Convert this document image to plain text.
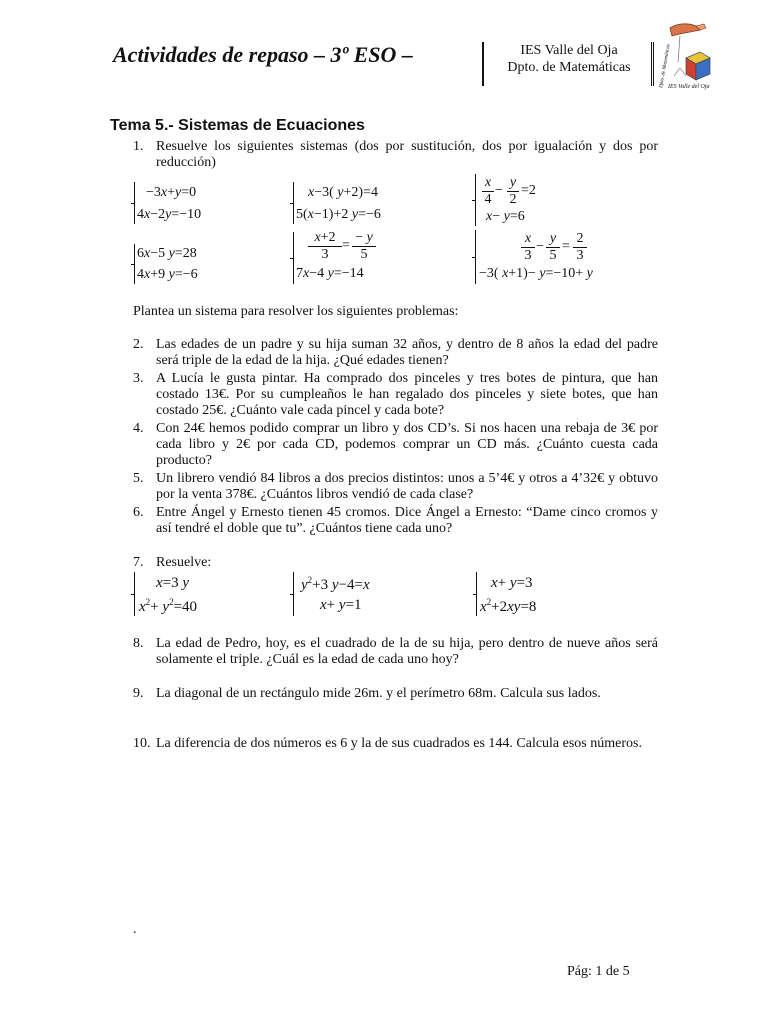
Actividades de repaso – 3º ESO –	IES Valle del Oja
Dpto. de Matemáticas	Dpto. de Matemáticas
IES Valle del Oja
Tema 5.- Sistemas de Ecuaciones
1. Resuelve los siguientes sistemas (dos por sustitución, dos por igualación y dos por reducción)
−3x+y=0
4x−2y=−10
x−3( y+2)=4
5(x−1)+2 y=−6
$\frac{x}{4} - \frac{y}{2} =2$
x− y=6
6x−5 y=28
4x+9 y=−6
$\frac{x+2}{3} = \frac{- y}{5}$
7x−4 y=−14
$\frac{x}{3} - \frac{y}{5} = \frac{2}{3}$
−3( x+1)− y=−10+ y
Plantea un sistema para resolver los siguientes problemas:
2. Las edades de un padre y su hija suman 32 años, y dentro de 8 años la edad del padre será triple de la edad de la hija. ¿Qué edades tienen?
3. A Lucía le gusta pintar. Ha comprado dos pinceles y tres botes de pintura, que han costado 13€. Por su cumpleaños le han regalado dos pinceles y siete botes, que han costado 25€. ¿Cuánto vale cada pincel y cada bote?
4. Con 24€ hemos podido comprar un libro y dos CD’s. Si nos hacen una rebaja de 3€ por cada libro y 2€ por cada CD, podemos comprar un CD más. ¿Cuánto cuesta cada producto?
5. Un librero vendió 84 libros a dos precios distintos: unos a 5’4€ y otros a 4’32€ y obtuvo por la venta 378€. ¿Cuántos libros vendió de cada clase?
6. Entre Ángel y Ernesto tienen 45 cromos. Dice Ángel a Ernesto: “Dame cinco cromos y así tendré el doble que tu”. ¿Cuántos tiene cada uno?
7. Resuelve:
x=3 y
$x^2+ y^2=40$
$y^2+3$ y−4=x
x+ y=1
x+ y=3
$x^2+2xy=8$
8. La edad de Pedro, hoy, es el cuadrado de la de su hija, pero dentro de nueve años será solamente el triple. ¿Cuál es la edad de cada uno hoy?
9. La diagonal de un rectángulo mide 26m. y el perímetro 68m. Calcula sus lados.
10. La diferencia de dos números es 6 y la de sus cuadrados es 144. Calcula esos números.
.
Pág: 1 de 5
